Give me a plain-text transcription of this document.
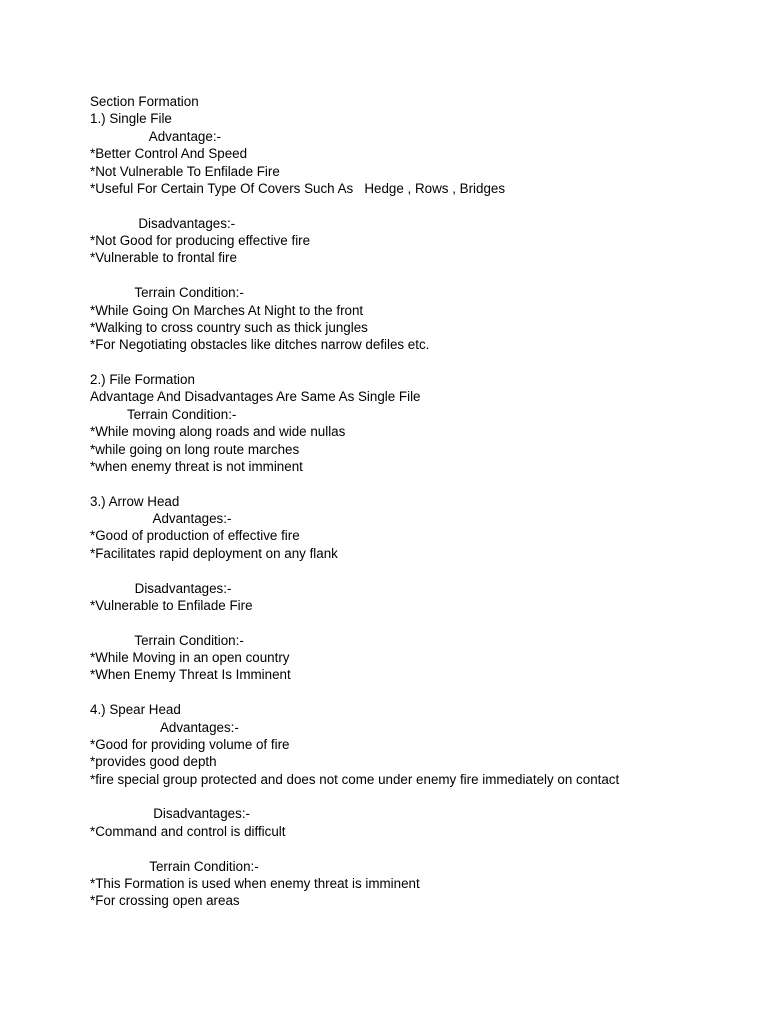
Section Formation
1.) Single File
Advantage:-
*Better Control And Speed
*Not Vulnerable To Enfilade Fire
*Useful For Certain Type Of Covers Such As   Hedge , Rows , Bridges
Disadvantages:-
*Not Good for producing effective fire
*Vulnerable to frontal fire
Terrain Condition:-
*While Going On Marches At Night to the front
*Walking to cross country such as thick jungles
*For Negotiating obstacles like ditches narrow defiles etc.
2.) File Formation
Advantage And Disadvantages Are Same As Single File
Terrain Condition:-
*While moving along roads and wide nullas
*while going on long route marches
*when enemy threat is not imminent
3.) Arrow Head
Advantages:-
*Good of production of effective fire
*Facilitates rapid deployment on any flank
Disadvantages:-
*Vulnerable to Enfilade Fire
Terrain Condition:-
*While Moving in an open country
*When Enemy Threat Is Imminent
4.) Spear Head
Advantages:-
*Good for providing volume of fire
*provides good depth
*fire special group protected and does not come under enemy fire immediately on contact
Disadvantages:-
*Command and control is difficult
Terrain Condition:-
*This Formation is used when enemy threat is imminent
*For crossing open areas
